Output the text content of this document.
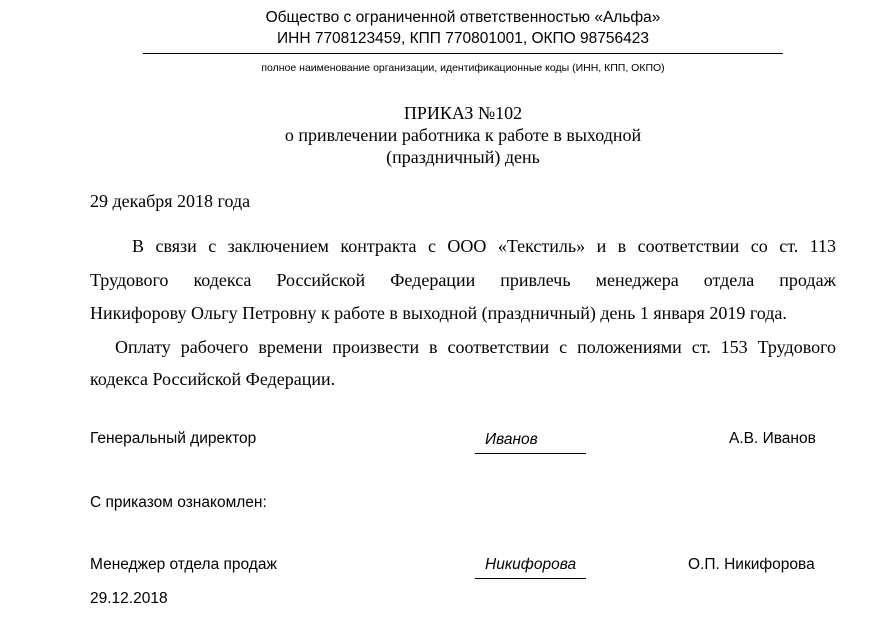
Общество с ограниченной ответственностью «Альфа»
ИНН 7708123459, КПП 770801001, ОКПО 98756423
полное наименование организации, идентификационные коды (ИНН, КПП, ОКПО)
ПРИКАЗ №102
о привлечении работника к работе в выходной
(праздничный) день
29 декабря 2018 года
В связи с заключением контракта с ООО «Текстиль» и в соответствии со ст. 113
Трудового кодекса Российской Федерации привлечь менеджера отдела продаж
Никифорову Ольгу Петровну к работе в выходной (праздничный) день 1 января 2019 года.
Оплату рабочего времени произвести в соответствии с положениями ст. 153 Трудового
кодекса Российской Федерации.
Генеральный директор	Иванов	А.В. Иванов
С приказом ознакомлен:
Менеджер отдела продаж	Никифорова	О.П. Никифорова
29.12.2018
